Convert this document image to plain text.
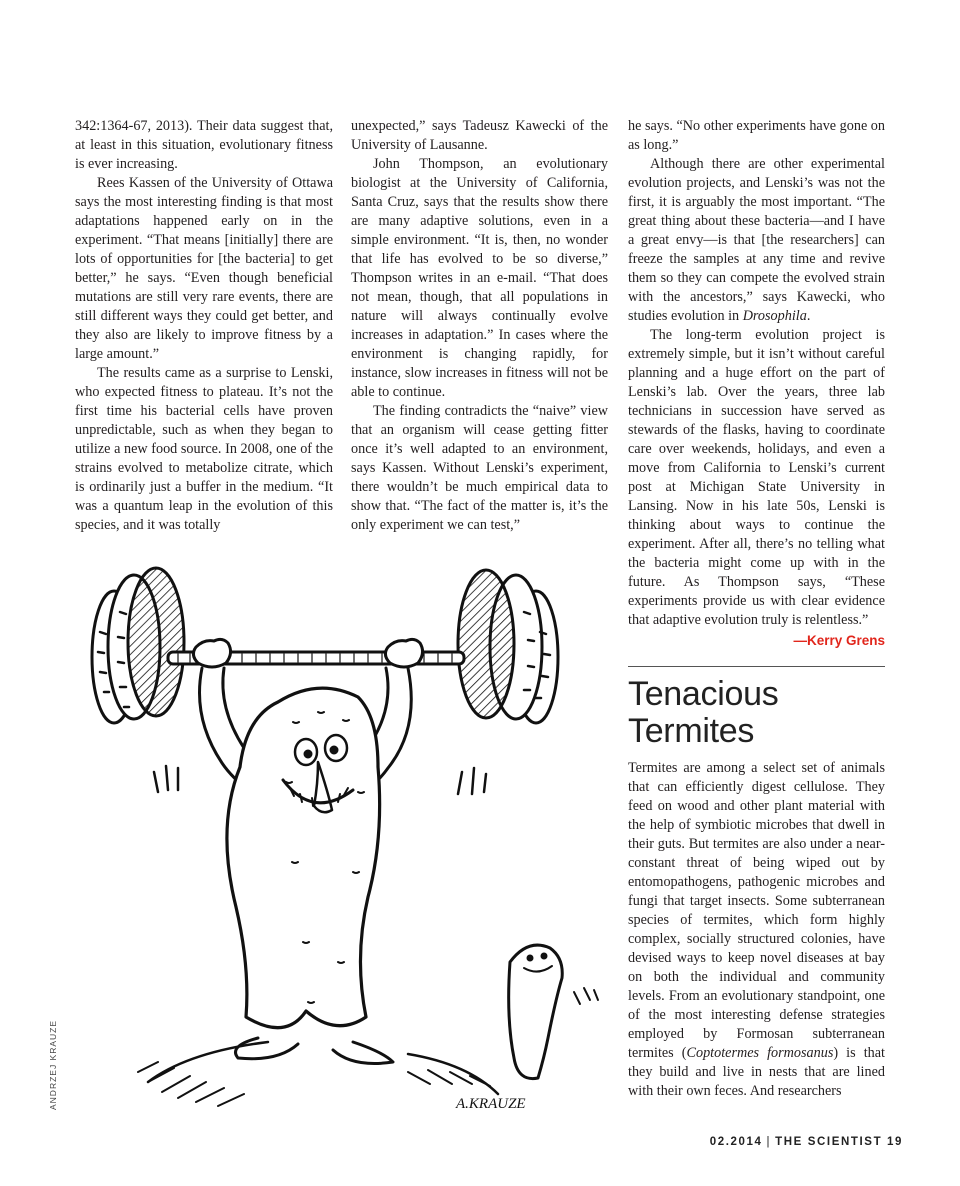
342:1364-67, 2013). Their data suggest that, at least in this situation, evolutionary fitness is ever increasing.

Rees Kassen of the University of Ottawa says the most interesting finding is that most adaptations happened early on in the experiment. “That means [initially] there are lots of opportunities for [the bacteria] to get better,” he says. “Even though beneficial mutations are still very rare events, there are still different ways they could get better, and they also are likely to improve fitness by a large amount.”

The results came as a surprise to Lenski, who expected fitness to plateau. It’s not the first time his bacterial cells have proven unpredictable, such as when they began to utilize a new food source. In 2008, one of the strains evolved to metabolize citrate, which is ordinarily just a buffer in the medium. “It was a quantum leap in the evolution of this species, and it was totally

unexpected,” says Tadeusz Kawecki of the University of Lausanne.

John Thompson, an evolutionary biologist at the University of California, Santa Cruz, says that the results show there are many adaptive solutions, even in a simple environment. “It is, then, no wonder that life has evolved to be so diverse,” Thompson writes in an e-mail. “That does not mean, though, that all populations in nature will always continually evolve increases in adaptation.” In cases where the environment is changing rapidly, for instance, slow increases in fitness will not be able to continue.

The finding contradicts the “naive” view that an organism will cease getting fitter once it’s well adapted to an environment, says Kassen. Without Lenski’s experiment, there wouldn’t be much empirical data to show that. “The fact of the matter is, it’s the only experiment we can test,”

he says. “No other experiments have gone on as long.”

Although there are other experimental evolution projects, and Lenski’s was not the first, it is arguably the most important. “The great thing about these bacteria—and I have a great envy—is that [the researchers] can freeze the samples at any time and revive them so they can compete the evolved strain with the ancestors,” says Kawecki, who studies evolution in Drosophila.

The long-term evolution project is extremely simple, but it isn’t without careful planning and a huge effort on the part of Lenski’s lab. Over the years, three lab technicians in succession have served as stewards of the flasks, having to coordinate care over weekends, holidays, and even a move from California to Lenski’s current post at Michigan State University in Lansing. Now in his late 50s, Lenski is thinking about ways to continue the experiment. After all, there’s no telling what the bacteria might come up with in the future. As Thompson says, “These experiments provide us with clear evidence that adaptive evolution truly is relentless.”

—Kerry Grens
Tenacious
Termites

Termites are among a select set of animals that can efficiently digest cellulose. They feed on wood and other plant material with the help of symbiotic microbes that dwell in their guts. But termites are also under a near-constant threat of being wiped out by entomopathogens, pathogenic microbes and fungi that target insects. Some subterranean species of termites, which form highly complex, socially structured colonies, have devised ways to keep novel diseases at bay on both the individual and community levels. From an evolutionary standpoint, one of the most interesting defense strategies employed by Formosan subterranean termites (Coptotermes formosanus) is that they build and live in nests that are lined with their own feces. And researchers

A.KRAUZE
ANDRZEJ KRAUZE
02.2014 | THE SCIENTIST 19
